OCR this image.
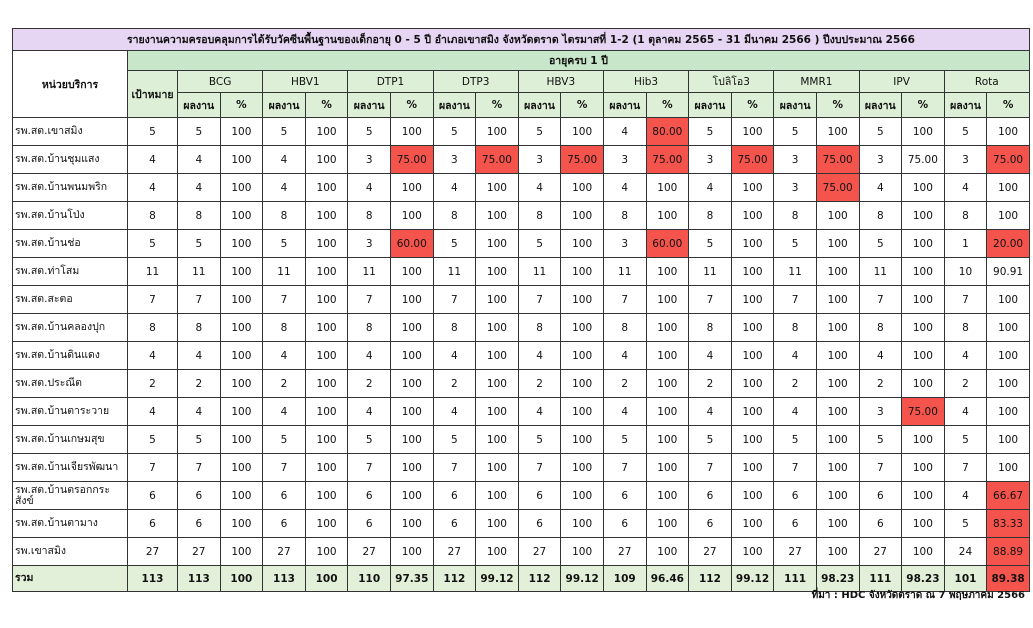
รายงานความครอบคลุมการได้รับวัคซีนพื้นฐานของเด็กอายุ 0 - 5 ปี อำเภอเขาสมิง จังหวัดตราด ไตรมาสที่ 1-2 (1 ตุลาคม 2565 - 31 มีนาคม 2566 ) ปีงบประมาณ 2566																					
หน่วยบริการ	อายุครบ 1 ปี																				
	เป้าหมาย	BCG		HBV1		DTP1		DTP3		HBV3		Hib3		โปลิโอ3		MMR1		IPV		Rota	
		ผลงาน	%	ผลงาน	%	ผลงาน	%	ผลงาน	%	ผลงาน	%	ผลงาน	%	ผลงาน	%	ผลงาน	%	ผลงาน	%	ผลงาน	%
รพ.สต.เขาสมิง	5	5	100	5	100	5	100	5	100	5	100	4	80.00	5	100	5	100	5	100	5	100
รพ.สต.บ้านชุมแสง	4	4	100	4	100	3	75.00	3	75.00	3	75.00	3	75.00	3	75.00	3	75.00	3	75.00	3	75.00
รพ.สต.บ้านพนมพริก	4	4	100	4	100	4	100	4	100	4	100	4	100	4	100	3	75.00	4	100	4	100
รพ.สต.บ้านโป่ง	8	8	100	8	100	8	100	8	100	8	100	8	100	8	100	8	100	8	100	8	100
รพ.สต.บ้านช่อ	5	5	100	5	100	3	60.00	5	100	5	100	3	60.00	5	100	5	100	5	100	1	20.00
รพ.สต.ท่าโสม	11	11	100	11	100	11	100	11	100	11	100	11	100	11	100	11	100	11	100	10	90.91
รพ.สต.สะตอ	7	7	100	7	100	7	100	7	100	7	100	7	100	7	100	7	100	7	100	7	100
รพ.สต.บ้านคลองปุก	8	8	100	8	100	8	100	8	100	8	100	8	100	8	100	8	100	8	100	8	100
รพ.สต.บ้านดินแดง	4	4	100	4	100	4	100	4	100	4	100	4	100	4	100	4	100	4	100	4	100
รพ.สต.ประณีต	2	2	100	2	100	2	100	2	100	2	100	2	100	2	100	2	100	2	100	2	100
รพ.สต.บ้านตาระวาย	4	4	100	4	100	4	100	4	100	4	100	4	100	4	100	4	100	3	75.00	4	100
รพ.สต.บ้านเกษมสุข	5	5	100	5	100	5	100	5	100	5	100	5	100	5	100	5	100	5	100	5	100
รพ.สต.บ้านเจียรพัฒนา	7	7	100	7	100	7	100	7	100	7	100	7	100	7	100	7	100	7	100	7	100
รพ.สต.บ้านตรอกกระสังข์	6	6	100	6	100	6	100	6	100	6	100	6	100	6	100	6	100	6	100	4	66.67
รพ.สต.บ้านตามาง	6	6	100	6	100	6	100	6	100	6	100	6	100	6	100	6	100	6	100	5	83.33
รพ.เขาสมิง	27	27	100	27	100	27	100	27	100	27	100	27	100	27	100	27	100	27	100	24	88.89
รวม	113	113	100	113	100	110	97.35	112	99.12	112	99.12	109	96.46	112	99.12	111	98.23	111	98.23	101	89.38
ที่มา : HDC จังหวัดตราด ณ 7 พฤษภาคม 2566
